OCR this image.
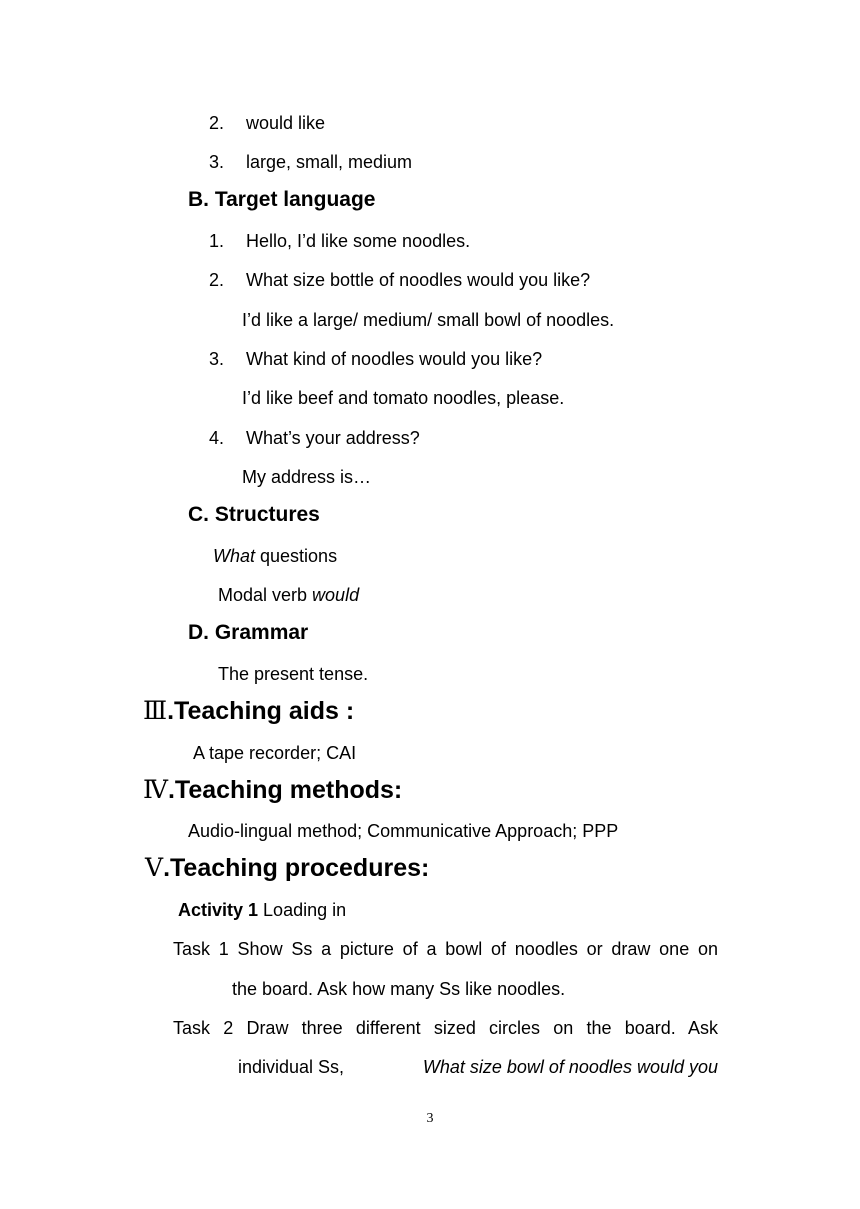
2. would like
3. large, small, medium
B. Target language
1. Hello, I’d like some noodles.
2. What size bottle of noodles would you like?
I’d like a large/ medium/ small bowl of noodles.
3. What kind of noodles would you like?
I’d like beef and tomato noodles, please.
4. What’s your address?
My address is…
C. Structures
What questions
Modal verb would
D. Grammar
The present tense.
Ⅲ.Teaching aids :
A tape recorder; CAI
Ⅳ.Teaching methods:
Audio-lingual method; Communicative Approach; PPP
Ⅴ.Teaching procedures:
Activity 1 Loading in
Task 1 Show Ss a picture of a bowl of noodles or draw one on
the board. Ask how many Ss like noodles.
Task 2 Draw three different sized circles on the board. Ask
individual Ss,	What size bowl of noodles would you
3
